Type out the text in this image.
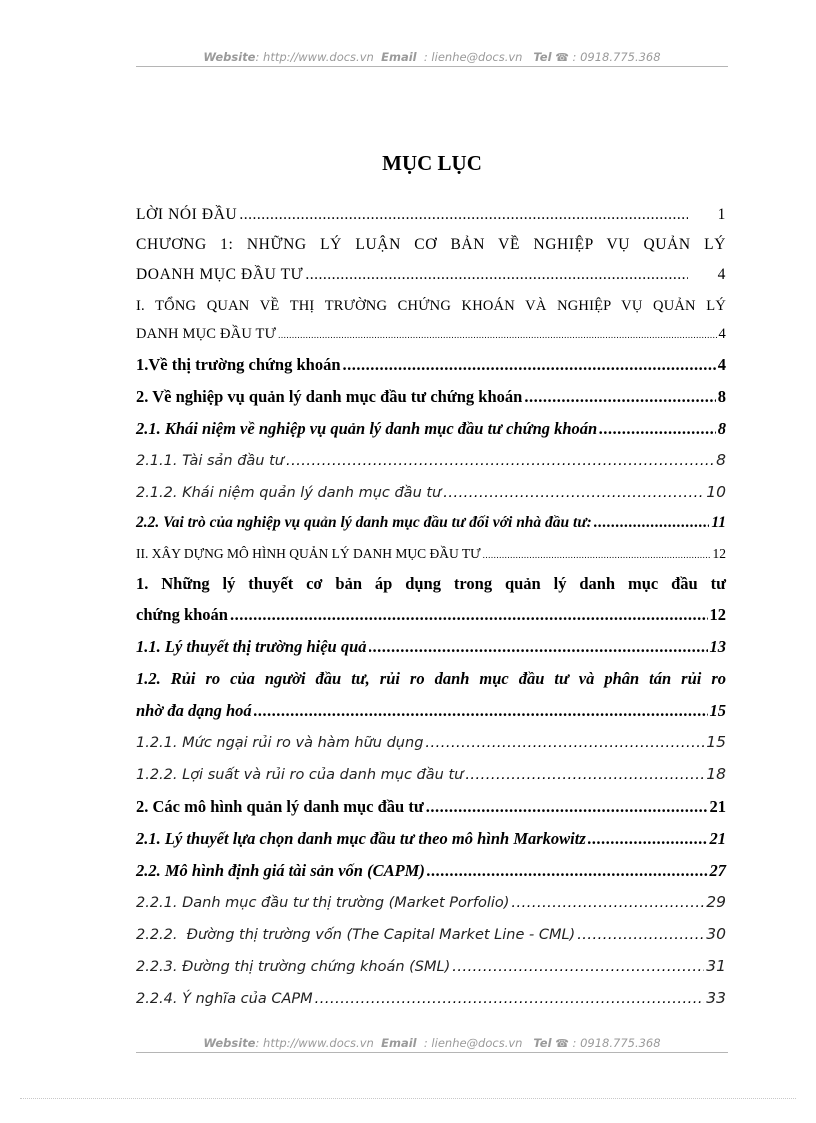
Website: http://www.docs.vn Email  : lienhe@docs.vn Tel ☎ : 0918.775.368
MỤC LỤC
LỜI NÓI ĐẦU .....	1
CHƯƠNG 1: NHỮNG LÝ LUẬN CƠ BẢN VỀ NGHIỆP VỤ QUẢN LÝ
DOANH MỤC ĐẦU TƯ .....	4
I. TỔNG QUAN VỀ THỊ TRƯỜNG CHỨNG KHOÁN VÀ NGHIỆP VỤ QUẢN LÝ
DANH MỤC ĐẦU TƯ .....	4
1.Về thị trường chứng khoán .....	4
2. Về nghiệp vụ quản lý danh mục đầu tư chứng khoán .....	8
2.1. Khái niệm về nghiệp vụ quản lý danh mục đầu tư chứng khoán .....	8
2.1.1. Tài sản đầu tư .....	8
2.1.2. Khái niệm quản lý danh mục đầu tư .....	10
2.2. Vai trò của nghiệp vụ quản lý danh mục đầu tư đối với nhà đầu tư: .....	11
II. XÂY DỰNG MÔ HÌNH QUẢN LÝ DANH MỤC ĐẦU TƯ .....	12
1. Những lý thuyết cơ bản áp dụng trong quản lý danh mục đầu tư
chứng khoán .....	12
1.1. Lý thuyết thị trường hiệu quả .....	13
1.2. Rủi ro của người đầu tư, rủi ro danh mục đầu tư và phân tán rủi ro
nhờ đa dạng hoá .....	15
1.2.1. Mức ngại rủi ro và hàm hữu dụng .....	15
1.2.2. Lợi suất và rủi ro của danh mục đầu tư .....	18
2. Các mô hình quản lý danh mục đầu tư .....	21
2.1. Lý thuyết lựa chọn danh mục đầu tư theo mô hình Markowitz .....	21
2.2. Mô hình định giá tài sản vốn (CAPM) .....	27
2.2.1. Danh mục đầu tư thị trường (Market Porfolio) .....	29
2.2.2.  Đường thị trường vốn (The Capital Market Line - CML) .....	30
2.2.3. Đường thị trường chứng khoán (SML) .....	31
2.2.4. Ý nghĩa của CAPM .....	33
Website: http://www.docs.vn Email  : lienhe@docs.vn Tel ☎ : 0918.775.368
